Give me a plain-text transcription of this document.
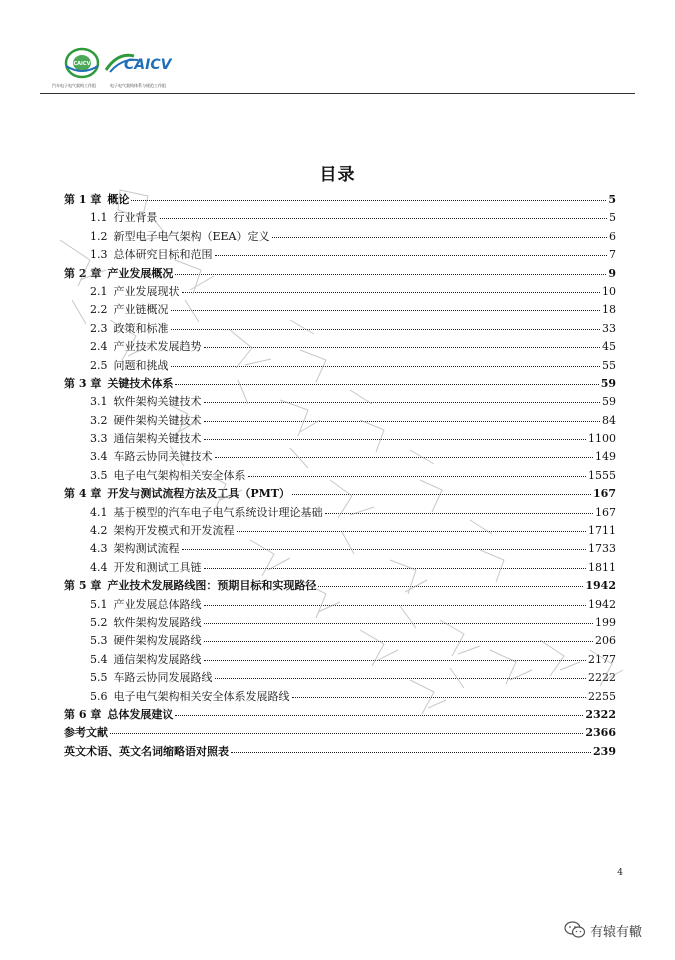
CAICV
汽车电子电气架构工作组
CAICV
电子电气架构体系与规范工作组
目录
第 1 章 概论	5
1.1 行业背景	5
1.2 新型电子电气架构（EEA）定义	6
1.3 总体研究目标和范围	7
第 2 章 产业发展概况	9
2.1 产业发展现状	10
2.2 产业链概况	18
2.3 政策和标准	33
2.4 产业技术发展趋势	45
2.5 问题和挑战	55
第 3 章 关键技术体系	59
3.1 软件架构关键技术	59
3.2 硬件架构关键技术	84
3.3 通信架构关键技术	1100
3.4 车路云协同关键技术	149
3.5 电子电气架构相关安全体系	1555
第 4 章 开发与测试流程方法及工具（PMT）	167
4.1 基于模型的汽车电子电气系统设计理论基础	167
4.2 架构开发模式和开发流程	1711
4.3 架构测试流程	1733
4.4 开发和测试工具链	1811
第 5 章 产业技术发展路线图：预期目标和实现路径	1942
5.1 产业发展总体路线	1942
5.2 软件架构发展路线	199
5.3 硬件架构发展路线	206
5.4 通信架构发展路线	2177
5.5 车路云协同发展路线	2222
5.6 电子电气架构相关安全体系发展路线	2255
第 6 章 总体发展建议	2322
参考文献	2366
英文术语、英文名词缩略语对照表	239
4
有辕有轍
